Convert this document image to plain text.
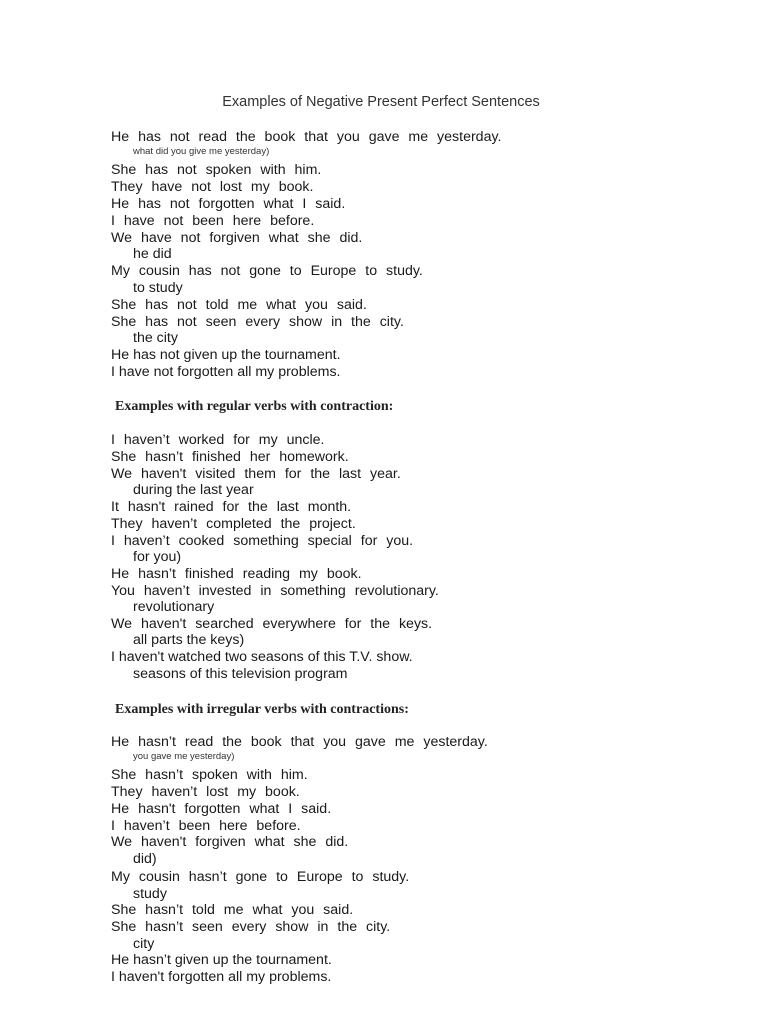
Examples of Negative Present Perfect Sentences
He has not read the book that you gave me yesterday.
what did you give me yesterday)
She has not spoken with him.
They have not lost my book.
He has not forgotten what I said.
I have not been here before.
We have not forgiven what she did.
he did
My cousin has not gone to Europe to study.
to study
She has not told me what you said.
She has not seen every show in the city.
the city
He has not given up the tournament.
I have not forgotten all my problems.
Examples with regular verbs with contraction:
I haven’t worked for my uncle.
She hasn’t finished her homework.
We haven't visited them for the last year.
during the last year
It hasn't rained for the last month.
They haven’t completed the project.
I haven’t cooked something special for you.
for you)
He hasn’t finished reading my book.
You haven’t invested in something revolutionary.
revolutionary
We haven't searched everywhere for the keys.
all parts the keys)
I haven't watched two seasons of this T.V. show.
seasons of this television program
Examples with irregular verbs with contractions:
He hasn’t read the book that you gave me yesterday.
you gave me yesterday)
She hasn’t spoken with him.
They haven’t lost my book.
He hasn't forgotten what I said.
I haven’t been here before.
We haven't forgiven what she did.
did)
My cousin hasn’t gone to Europe to study.
study
She hasn’t told me what you said.
She hasn’t seen every show in the city.
city
He hasn’t given up the tournament.
I haven't forgotten all my problems.
